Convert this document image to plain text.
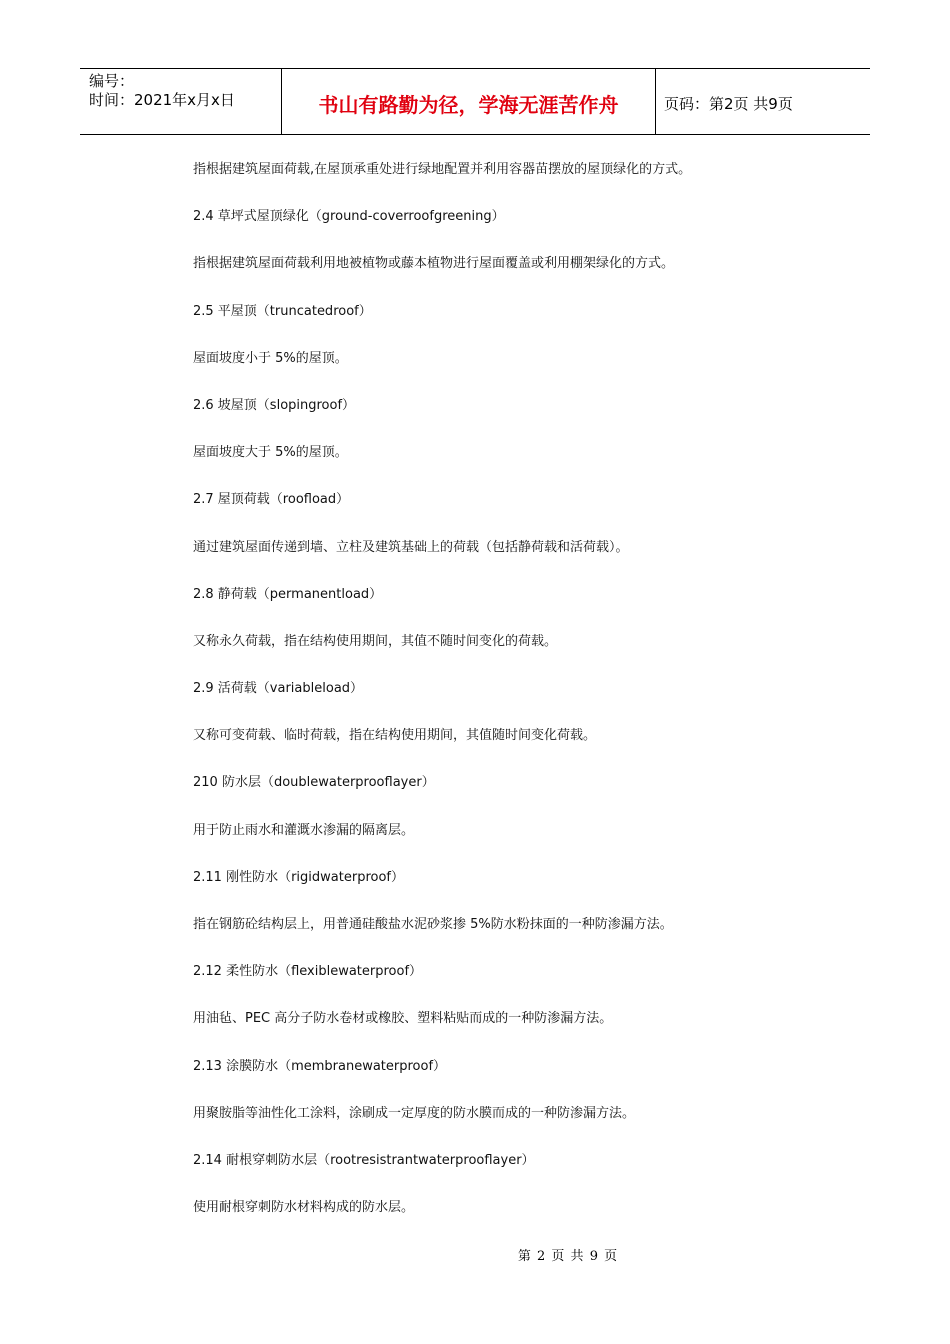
编号：
时间：2021年x月x日	书山有路勤为径，学海无涯苦作舟	页码：第2页 共9页
指根据建筑屋面荷载,在屋顶承重处进行绿地配置并利用容器苗摆放的屋顶绿化的方式。
2.4 草坪式屋顶绿化（ground-coverroofgreening）
指根据建筑屋面荷载利用地被植物或藤本植物进行屋面覆盖或利用棚架绿化的方式。
2.5 平屋顶（truncatedroof）
屋面坡度小于 5%的屋顶。
2.6 坡屋顶（slopingroof）
屋面坡度大于 5%的屋顶。
2.7 屋顶荷载（roofload）
通过建筑屋面传递到墙、立柱及建筑基础上的荷载（包括静荷载和活荷载）。
2.8 静荷载（permanentload）
又称永久荷载，指在结构使用期间，其值不随时间变化的荷载。
2.9 活荷载（variableload）
又称可变荷载、临时荷载，指在结构使用期间，其值随时间变化荷载。
210 防水层（doublewaterprooflayer）
用于防止雨水和灌溉水渗漏的隔离层。
2.11 刚性防水（rigidwaterproof）
指在钢筋砼结构层上，用普通硅酸盐水泥砂浆掺 5%防水粉抹面的一种防渗漏方法。
2.12 柔性防水（flexiblewaterproof）
用油毡、PEC 高分子防水卷材或橡胶、塑料粘贴而成的一种防渗漏方法。
2.13 涂膜防水（membranewaterproof）
用聚胺脂等油性化工涂料，涂刷成一定厚度的防水膜而成的一种防渗漏方法。
2.14 耐根穿刺防水层（rootresistrantwaterprooflayer）
使用耐根穿刺防水材料构成的防水层。
第 2 页 共 9 页
